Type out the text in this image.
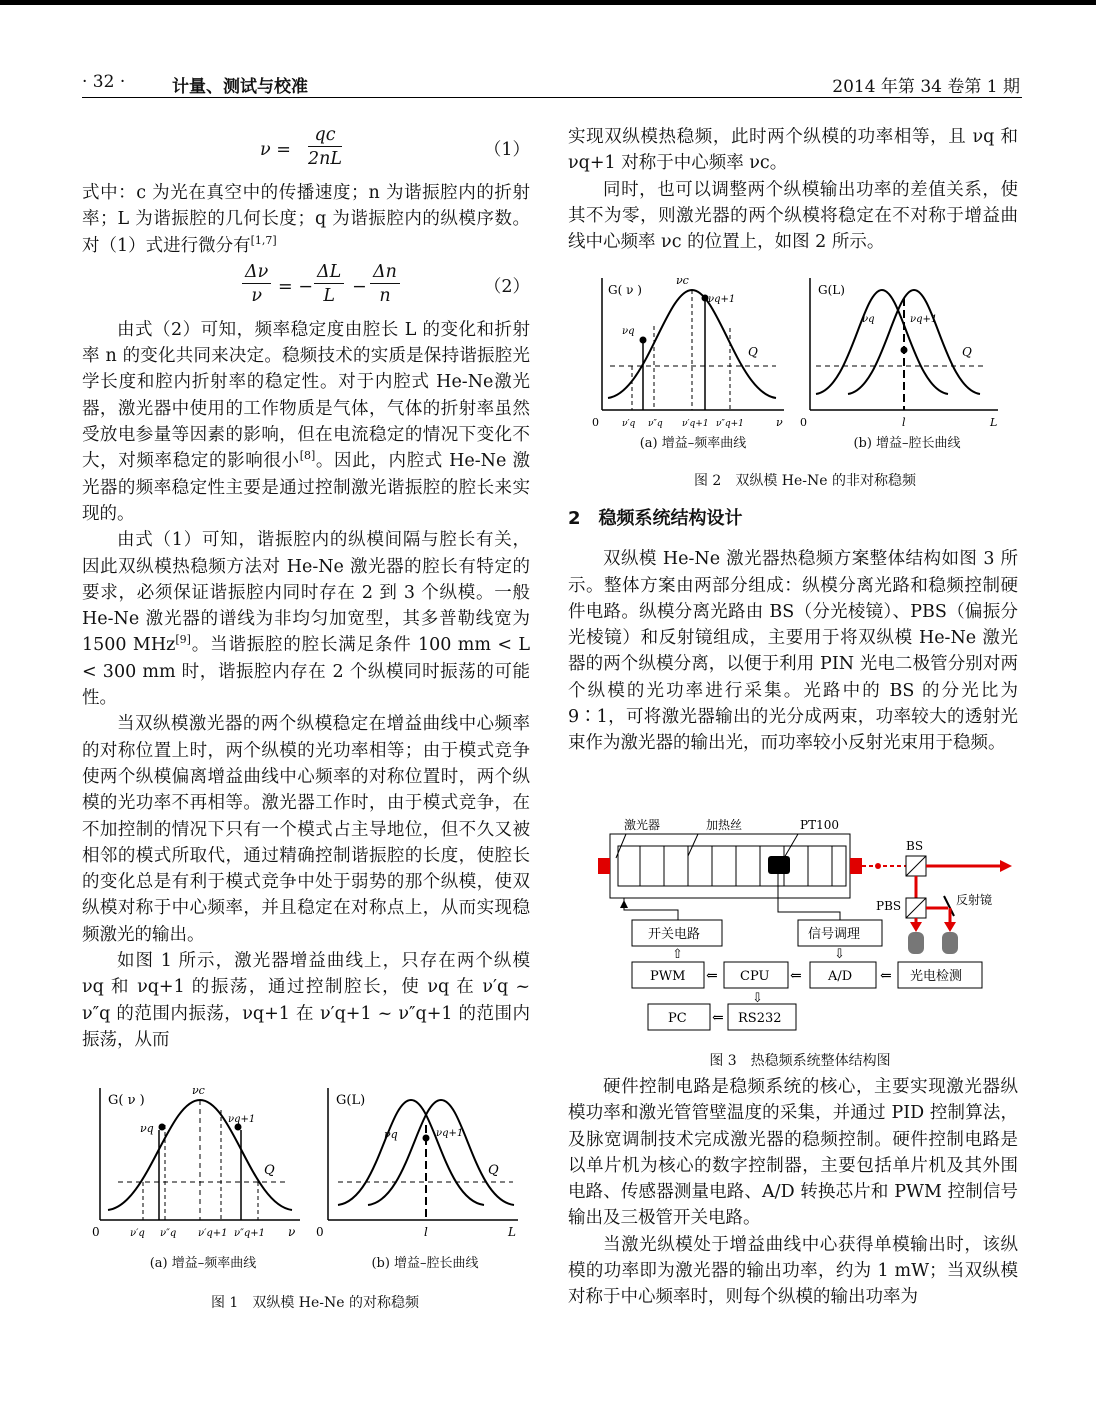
· 32 ·	计量、测试与校准	2014 年第 34 卷第 1 期
$\nu = \frac{qc}{2nL}$	（1）

式中：c 为光在真空中的传播速度；n 为谐振腔内的折射率；L 为谐振腔的几何长度；q 为谐振腔内的纵模序数。对（1）式进行微分有[1,7]

$\frac{\Delta\nu}{\nu}$ = − $\frac{\Delta L}{L} - \frac{\Delta n}{n}$	（2）

由式（2）可知，频率稳定度由腔长 L 的变化和折射率 n 的变化共同来决定。稳频技术的实质是保持谐振腔光学长度和腔内折射率的稳定性。对于内腔式 He-Ne激光器，激光器中使用的工作物质是气体，气体的折射率虽然受放电参量等因素的影响，但在电流稳定的情况下变化不大，对频率稳定的影响很小[8]。因此，内腔式 He-Ne 激光器的频率稳定性主要是通过控制激光谐振腔的腔长来实现的。

由式（1）可知，谐振腔内的纵模间隔与腔长有关，因此双纵模热稳频方法对 He-Ne 激光器的腔长有特定的要求，必须保证谐振腔内同时存在 2 到 3 个纵模。一般 He-Ne 激光器的谱线为非均匀加宽型，其多普勒线宽为 1500 MHz[9]。当谐振腔的腔长满足条件 100 mm < L < 300 mm 时，谐振腔内存在 2 个纵模同时振荡的可能性。

当双纵模激光器的两个纵模稳定在增益曲线中心频率的对称位置上时，两个纵模的光功率相等；由于模式竞争使两个纵模偏离增益曲线中心频率的对称位置时，两个纵模的光功率不再相等。激光器工作时，由于模式竞争，在不加控制的情况下只有一个模式占主导地位，但不久又被相邻的模式所取代，通过精确控制谐振腔的长度，使腔长的变化总是有利于模式竞争中处于弱势的那个纵模，使双纵模对称于中心频率，并且稳定在对称点上，从而实现稳频激光的输出。

如图 1 所示，激光器增益曲线上，只存在两个纵模 νq 和 νq+1 的振荡，通过控制腔长，使 νq 在 ν′q ~ ν″q 的范围内振荡，νq+1 在 ν′q+1 ~ ν″q+1 的范围内振荡，从而

G( ν )
νc
νq
νq+1
Q
0	ν
ν′q ν″q ν′q+1 ν″q+1
G(L)
νq	νq+1
Q
0	l	L
(a) 增益–频率曲线	(b) 增益–腔长曲线
图 1　双纵模 He-Ne 的对称稳频

实现双纵模热稳频，此时两个纵模的功率相等，且 νq 和 νq+1 对称于中心频率 νc。

同时，也可以调整两个纵模输出功率的差值关系，使其不为零，则激光器的两个纵模将稳定在不对称于增益曲线中心频率 νc 的位置上，如图 2 所示。

G( ν )
νc
νq
νq+1
Q
0	ν
ν′q ν″q ν′q+1 ν″q+1
G(L)
νq	νq+1
Q
0	l	L
(a) 增益–频率曲线	(b) 增益–腔长曲线
图 2　双纵模 He-Ne 的非对称稳频

2　稳频系统结构设计

双纵模 He-Ne 激光器热稳频方案整体结构如图 3 所示。整体方案由两部分组成：纵模分离光路和稳频控制硬件电路。纵模分离光路由 BS（分光棱镜）、PBS（偏振分光棱镜）和反射镜组成，主要用于将双纵模 He-Ne 激光器的两个纵模分离，以便于利用 PIN 光电二极管分别对两个纵模的光功率进行采集。光路中的 BS 的分光比为 9∶1，可将激光器输出的光分成两束，功率较大的透射光束作为激光器的输出光，而功率较小反射光束用于稳频。

激光器	加热丝	PT100
BS
PBS	反射镜
开关电路	信号调理
PWM	CPU	A/D	光电检测
PC	RS232
⇐	⇐	⇐
⇐
⇧	⇩
⇩
图 3　热稳频系统整体结构图

硬件控制电路是稳频系统的核心，主要实现激光器纵模功率和激光管管壁温度的采集，并通过 PID 控制算法，及脉宽调制技术完成激光器的稳频控制。硬件控制电路是以单片机为核心的数字控制器，主要包括单片机及其外围电路、传感器测量电路、A/D 转换芯片和 PWM 控制信号输出及三极管开关电路。

当激光纵模处于增益曲线中心获得单模输出时，该纵模的功率即为激光器的输出功率，约为 1 mW；当双纵模对称于中心频率时，则每个纵模的输出功率为
